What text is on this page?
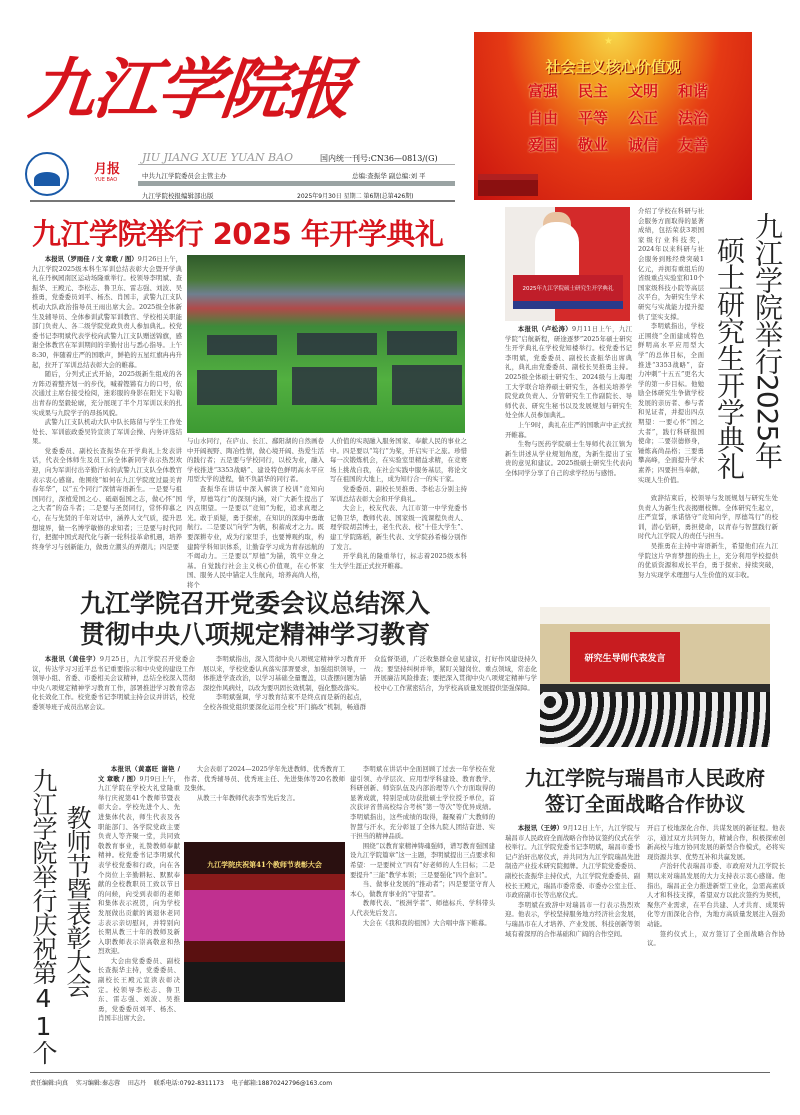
九江学院报
月报
YUE BAO
JIU JIANG XUE YUAN BAO	国内统一刊号:CN36—0813/(G)
中共九江学院委员会主管主办	总编:查振华 副总编:刘 平
九江学院校报编辑部出版	2025年9月30日 星期二 第6期(总第426期)
★
社会主义核心价值观
富强	民主	文明	和谐
自由	平等	公正	法治
爱国	敬业	诚信	友善
九江学院举行 2025 年开学典礼

本报讯（罗雨佳 / 文 章歌 / 图）9月26日上午，九江学院2025级本科生军训总结表彰大会暨开学典礼在丹枫园南区运动场隆重举行。校领导李明斌、查振华、王殿元、李松志、鲁卫东、雷志强、刘波、吴推勇，党委委员刘平、杨杰、肖国丰，武警九江支队机动大队政治指导员王雨出席大会。2025级全体新生及辅导员、全体参训武警军训教官、学校相关职能部门负责人、各二级学院党政负责人参加典礼。校党委书记李明斌代表学校向武警九江支队赠送锦旗，感谢全体教官在军训期间的辛勤付出与悉心指导。上午8:30，伴随着庄严的国歌声，鲜艳的五星红旗冉冉升起，拉开了军训总结表彰大会的帷幕。

随后，分列式正式开始，2025级新生组成的各方阵迈着整齐划一的步伐，喊着铿锵有力的口号，依次通过主席台接受检阅，迷彩服的身影在阳光下勾勒出青春的坚毅轮廓，充分展现了半个月军训以来的扎实成果与九院学子的昂扬风貌。

武警九江支队机动大队中队长陈留与学生工作处处长、军训旅政委吴铃宣读了军训会操、内务评选结果。

党委委员、副校长查振华在开学典礼上发表讲话，代表全体师生及员工向全体新同学表示热烈欢迎，向为军训付出辛勤汗水的武警九江支队全体教官表示衷心感谢。他围绕“如何在九江学院度过最美青春年华”，以“五个同行”深情寄语新生。一是要与祖国同行，深植爱国之心、砥砺强国之志，做心怀“国之大者”的奋斗者；二是要与圣贤同行，常怀仰慕之心，在与先贤的千年对话中，涵养人文气质，提升思想境界，做一名博学敏修的求知者；三是要与时代同行，把握中国式现代化与新一轮科技革命机遇，培养终身学习与创新能力，做勇立潮头的弄潮儿；四是要

与山水同行，在庐山、长江、鄱阳湖的自然画卷中开阔视野、陶冶性情，做心境开阔、热爱生活的践行者；五是要与学校同行，以校为业，融入学校推进“3353战略”、建设特色鲜明高水平应用型大学的进程，做不负韶华的同行者。

查振华在讲话中深入解读了校训“竞知向学，厚德笃行”的深刻内涵，对广大新生提出了四点期望。一是要以“竞知”为舵，追求真理之光。敢于质疑，勇于探索，在知识的深海中勇敢航行。二是要以“向学”为帆，积蓄成才之力。既要深耕专业，成为行家里手，也要博观约取，构建跨学科知识体系，让勤奋学习成为青春远航的不竭动力。三是要以“厚德”为锚，筑牢立身之基。自觉践行社会主义核心价值观，在心怀家国、服务人民中锚定人生航向，培养高尚人格，将个

人价值的实现融入服务国家、奉献人民的事业之中。四是要以“笃行”为桨，开启实干之旅。珍惜每一次锻炼机会，在实验室里精益求精，在竞赛场上挑战自我，在社会实践中服务基层，将论文写在祖国的大地上，成为知行合一的实干家。

党委委员、副校长吴推勇、李松志分别主持军训总结表彰大会和开学典礼。

大会上，校友代表、九江市第一中学党委书记鲁卫华，教师代表、国家级一流课程负责人、理学院胡芸博士，老生代表、校“十佳大学生”、建工学院陈稻，新生代表、文学院孙希榛分别作了发言。

开学典礼的隆重举行，标志着2025级本科生大学生涯正式拉开帷幕。

2025年九江学院硕士研究生开学典礼

本报讯（卢松涛）9月11日上午，九江学院“启航新程，研途逐梦”2025年硕士研究生开学典礼在学校党知楼举行。校党委书记李明斌，党委委员、副校长查振华出席典礼，典礼由党委委员、副校长吴推勇主持。2025级全体硕士研究生、2024级与上海理工大学联合培养硕士研究生，各相关培养学院党政负责人、分管研究生工作副院长、导师代表、研究生秘书以及发展规划与研究生处全体人员参加典礼。

上午9时，典礼在庄严的国歌声中正式拉开帷幕。

生物与医药学院硕士生导师代表江镇为新生讲述从学业规划角度，为新生提出了宝贵的意见和建议。2025级硕士研究生代表向全体同学分享了自己的求学经历与感悟。

介绍了学校在科研与社会服务方面取得的显著成绩，包括荣获3项国家级行业科技奖，2024年以来科研与社会服务到账经费突破1亿元，并拥有重组后的省级重点实验室和10个国家级科技小院等高层次平台，为研究生学术研究与实战能力提升提供了坚实支撑。

李明斌指出，学校正围绕“全面建成特色鲜明高水平应用型大学”的总体目标，全面推进“3353战略”，奋力冲刺“十五五”更名大学的第一步目标。他勉励全体研究生争做学校发展的亲历者、参与者和见证者，并提出四点期望：一要心怀“国之大者”，践行科研报国使命；二要崇德修身，锤炼高尚品格；三要勇攀高峰，全面提升学术素养；四要担当奉献，实现人生价值。

九江学院举行2025年
硕士研究生开学典礼

致辞结束后，校领导与发展规划与研究生处负责人为新生代表揭赠校牌。全体研究生起立，庄严宣誓，承诺恪守“竞知向学，厚德笃行”的校训，潜心钻研，勇担使命，以青春与智慧践行新时代九江学院人的责任与担当。

吴推勇在主持中寄语新生，希望他们在九江学院这片孕育梦想的热土上，充分利用学校提供的优质资源和成长平台，勇于探索、持续突破，努力实现学术理想与人生价值的双丰收。

研究生导师代表发言
九江学院召开党委会议总结深入
贯彻中央八项规定精神学习教育

本报讯（黄佳宇）9月25日，九江学院召开党委会议，传达学习习近平总书记重要指示和中央党的建设工作领导小组、省委、市委相关会议精神，总结全校深入贯彻中央八项规定精神学习教育工作，部署推进学习教育常态化长效化工作。校党委书记李明斌主持会议并讲话，校党委领导班子成员出席会议。

李明斌指出，深入贯彻中央八项规定精神学习教育开展以来，学校党委认真落实部署要求，加强组织领导，一体推进学查改治，以学习基础全量覆盖，以查摆问题为锚深挖作风病灶，以改为要巩固长效机制，强化整改落实。

李明斌强调，学习教育结束不是终点而是新的起点，全校各级党组织要深化运用全校“开门搞改”机制，畅通群众监督渠道，广泛收集群众意见建议，打好作风建设持久战；要坚持纠树并举，紧盯关键岗位、重点领域，常态化开展廉洁风险排查；要把深入贯彻中央八项规定精神与学校中心工作紧密结合，为学校高质量发展提供坚强保障。

九江学院举行庆祝第41个 教师节暨表彰大会

本报讯（黄嘉旺 谢艳 / 文 章歌 / 图）9月9日上午，九江学院在学校大礼堂隆重举行庆祝第41个教师节暨表彰大会。学校先进个人、先进集体代表，师生代表及各职能部门、各学院党政主要负责人等齐聚一堂，共同致敬教育事业，礼赞教师奉献精神。校党委书记李明斌代表学校党委和行政，向在各个岗位上辛勤耕耘、默默奉献的全校教职员工致以节日的问候，向受到表彰的老师和集体表示祝贺，向为学校发展做出贡献的离退休老同志表示亲切慰问，并特别向长期从教三十年的教师及新入职教师表示崇高敬意和热烈欢迎。

大会由党委委员、副校长查振华主持，党委委员、副校长王殿元宣读表彰决定。校领导李松志、鲁卫东、雷志强、刘波、吴推勇，党委委员刘平、杨杰、肖国丰出席大会。

大会表彰了2024—2025学年先进教师、优秀教育工作者、优秀辅导员、优秀班主任、先进集体等20名教师及集体。

从教三十年教师代表李雪先后发言。

九江学院庆祝第41个教师节表彰大会

李明斌在讲话中全面回顾了过去一年学校在党建引领、办学层次、应用型学科建设、教育教学、科研创新、师资队伍及内部治理等八个方面取得的显著成就，特别是成功获批硕士学位授予单位，首次获评省普高校综合考核“第一等次”等优异成绩。李明斌指出，这些成绩的取得，凝聚着广大教师的智慧与汗水，充分彰显了全体九院人团结奋进、实干担当的精神品质。

围绕“以教育家精神铸魂强师，谱写教育强国建设九江学院篇章”这一主题，李明斌提出三点要求和希望：一是要树立“四有”好老师的人生目标；二是要提升“三能”教学本领；三是要强化“四个意识”。

当、做事业发展的“推动者”；四是要坚守育人本心，做教育事业的“守望者”。

教师代表、“极洲学者”、师德标兵、学科带头人代表先后发言。

大会在《我和我的祖国》大合唱中落下帷幕。

九江学院与瑞昌市人民政府
签订全面战略合作协议

本报讯（王婷）9月12日上午，九江学院与瑞昌市人民政府全面战略合作协议签约仪式在学校举行。九江学院党委书记李明斌，瑞昌市委书记卢治轩出席仪式，并共同为九江学院瑞昌先进制造产业技术研究院揭牌。九江学院党委委员、副校长查振华主持仪式，九江学院党委委员、副校长王殿元，瑞昌市委常委、市委办公室主任、市政府副市长等出席仪式。

李明斌在致辞中对瑞昌市一行表示热烈欢迎。他表示，学校坚持服务地方经济社会发展，与瑞昌市在人才培养、产业发展、科技创新等领域有着深厚的合作基础和广阔的合作空间。

开启了校地深化合作、共谋发展的新征程。他表示，通过双方共同努力，精诚合作，积极探索创新高校与地方协同发展的新型合作模式，必将实现资源共享、优势互补和共赢发展。

卢治轩代表瑞昌市委、市政府对九江学院长期以来对瑞昌发展的大力支持表示衷心感谢。他指出，瑞昌正全力推进新型工业化，急需高素质人才和科技支撑，希望双方以此次签约为契机，聚焦产业需求，在平台共建、人才共育、成果转化等方面深化合作，为地方高质量发展注入强劲动能。

签约仪式上，双方签订了全面战略合作协议。

责任编辑:向真 实习编辑:秦志蓉 田志丹 联系电话:0792-8311173 电子邮箱:18870242796@163.com
